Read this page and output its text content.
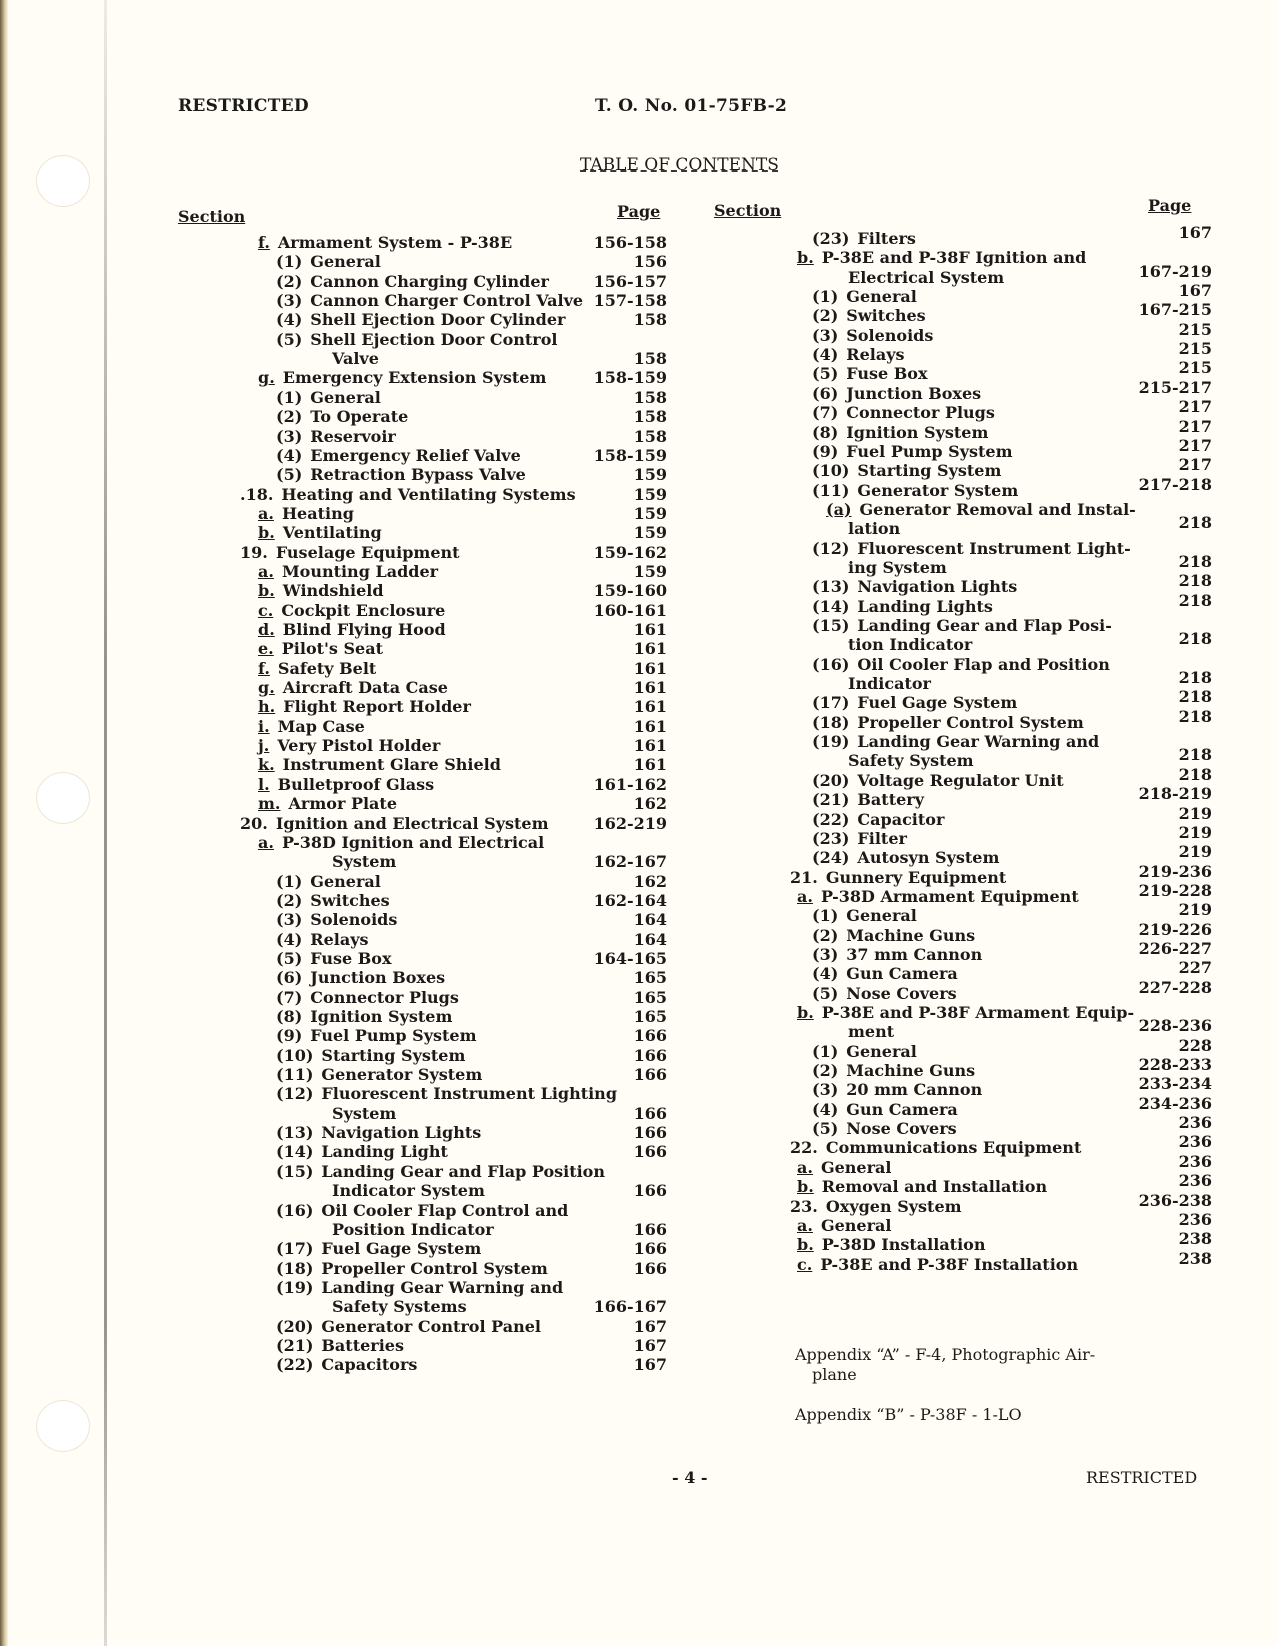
RESTRICTED	T. O. No. 01-75FB-2
TABLE OF CONTENTS
Section	Page	Section	Page
f. Armament System - P-38E	156-158
(1) General	156
(2) Cannon Charging Cylinder	156-157
(3) Cannon Charger Control Valve 157-158
(4) Shell Ejection Door Cylinder	158
(5) Shell Ejection Door Control
Valve	158
g. Emergency Extension System	158-159
(1) General	158
(2) To Operate	158
(3) Reservoir	158
(4) Emergency Relief Valve	158-159
(5) Retraction Bypass Valve	159
.18. Heating and Ventilating Systems	159
a. Heating	159
b. Ventilating	159
19. Fuselage Equipment	159-162
a. Mounting Ladder	159
b. Windshield	159-160
c. Cockpit Enclosure	160-161
d. Blind Flying Hood	161
e. Pilot's Seat	161
f. Safety Belt	161
g. Aircraft Data Case	161
h. Flight Report Holder	161
i. Map Case	161
j. Very Pistol Holder	161
k. Instrument Glare Shield	161
l. Bulletproof Glass	161-162
m. Armor Plate	162
20. Ignition and Electrical System	162-219
a. P-38D Ignition and Electrical
System	162-167
(1) General	162
(2) Switches	162-164
(3) Solenoids	164
(4) Relays	164
(5) Fuse Box	164-165
(6) Junction Boxes	165
(7) Connector Plugs	165
(8) Ignition System	165
(9) Fuel Pump System	166
(10) Starting System	166
(11) Generator System	166
(12) Fluorescent Instrument Lighting
System	166
(13) Navigation Lights	166
(14) Landing Light	166
(15) Landing Gear and Flap Position
Indicator System	166
(16) Oil Cooler Flap Control and
Position Indicator	166
(17) Fuel Gage System	166
(18) Propeller Control System	166
(19) Landing Gear Warning and
Safety Systems	166-167
(20) Generator Control Panel	167
(21) Batteries	167
(22) Capacitors	167
(23) Filters	167
b. P-38E and P-38F Ignition and
Electrical System	167-219
(1) General	167
(2) Switches	167-215
(3) Solenoids	215
(4) Relays	215
(5) Fuse Box	215
(6) Junction Boxes	215-217
(7) Connector Plugs	217
(8) Ignition System	217
(9) Fuel Pump System	217
(10) Starting System	217
(11) Generator System	217-218
(a) Generator Removal and Instal-
lation	218
(12) Fluorescent Instrument Light-
ing System	218
(13) Navigation Lights	218
(14) Landing Lights	218
(15) Landing Gear and Flap Posi-
tion Indicator	218
(16) Oil Cooler Flap and Position
Indicator	218
(17) Fuel Gage System	218
(18) Propeller Control System	218
(19) Landing Gear Warning and
Safety System	218
(20) Voltage Regulator Unit	218
(21) Battery	218-219
(22) Capacitor	219
(23) Filter	219
(24) Autosyn System	219
21. Gunnery Equipment	219-236
a. P-38D Armament Equipment	219-228
(1) General	219
(2) Machine Guns	219-226
(3) 37 mm Cannon	226-227
(4) Gun Camera	227
(5) Nose Covers	227-228
b. P-38E and P-38F Armament Equip-
ment	228-236
(1) General	228
(2) Machine Guns	228-233
(3) 20 mm Cannon	233-234
(4) Gun Camera	234-236
(5) Nose Covers	236
22. Communications Equipment	236
a. General	236
b. Removal and Installation	236
23. Oxygen System	236-238
a. General	236
b. P-38D Installation	238
c. P-38E and P-38F Installation	238
Appendix “A” - F-4, Photographic Air-
plane
Appendix “B” - P-38F - 1-LO
- 4 -	RESTRICTED
